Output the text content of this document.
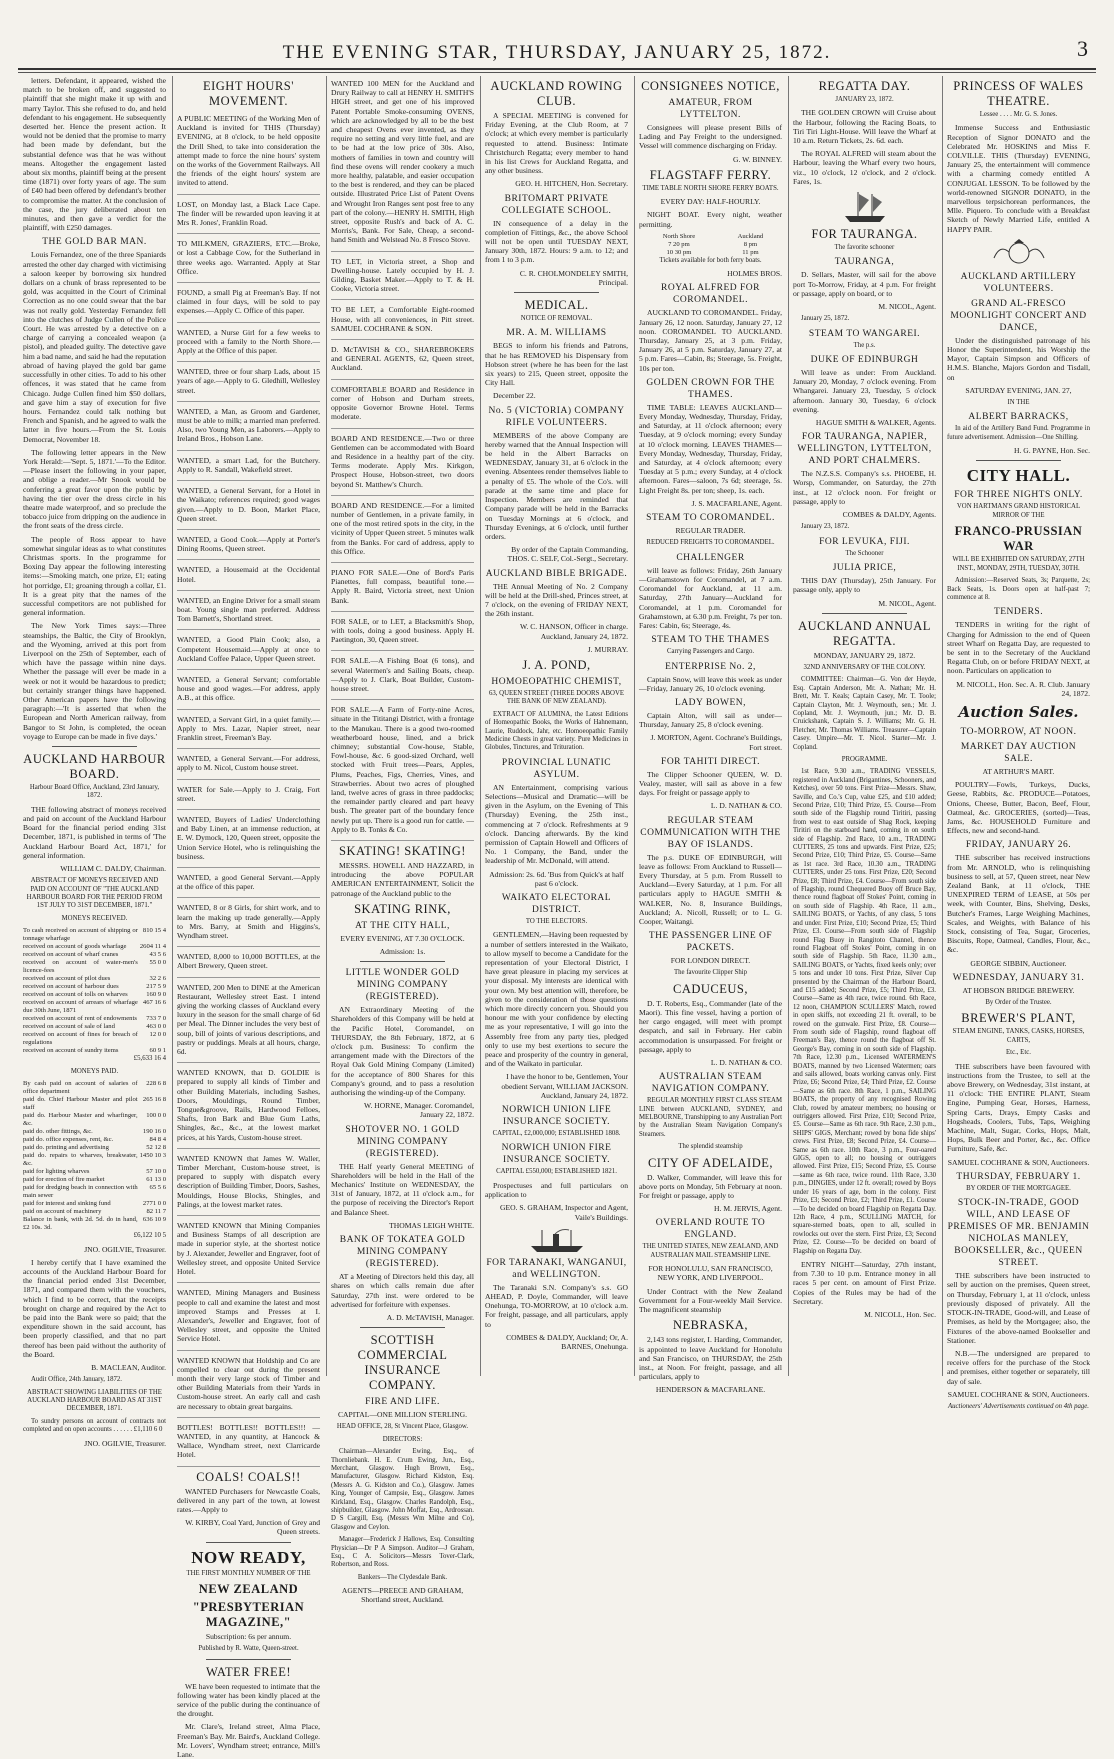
THE EVENING STAR, THURSDAY, JANUARY 25, 1872.	3

letters. Defendant, it appeared, wished the match to be broken off, and suggested to plaintiff that she might make it up with and marry Taylor. This she refused to do, and held defendant to his engagement. He subsequently deserted her. Hence the present action. It would not be denied that the promise to marry had been made by defendant, but the substantial defence was that he was without means. Altogether the engagement lasted about six months, plaintiff being at the present time (1871) over forty years of age. The sum of £40 had been offered by defendant's brother to compromise the matter. At the conclusion of the case, the jury deliberated about ten minutes, and then gave a verdict for the plaintiff, with £250 damages.

THE GOLD BAR MAN.

Louis Fernandez, one of the three Spaniards arrested the other day charged with victimising a saloon keeper by borrowing six hundred dollars on a chunk of brass represented to be gold, was acquitted in the Court of Criminal Correction as no one could swear that the bar was not really gold. Yesterday Fernandez fell into the clutches of Judge Cullen of the Police Court. He was arrested by a detective on a charge of carrying a concealed weapon (a pistol), and pleaded guilty. The detective gave him a bad name, and said he had the reputation abroad of having played the gold bar game successfully in other cities. To add to his other offences, it was stated that he came from Chicago. Judge Cullen fined him $50 dollars, and gave him a stay of execution for five hours. Fernandez could talk nothing but French and Spanish, and he agreed to walk the latter in five hours.—From the St. Louis Democrat, November 18.

The following letter appears in the New York Herald:—'Sept. 5, 1871.'—To the Editor.—Please insert the following in your paper, and oblige a reader.—Mr Snook would be conferring a great favor upon the public by having the tier over the dress circle in his theatre made waterproof, and so preclude the tobacco juice from dripping on the audience in the front seats of the dress circle.

The people of Ross appear to have somewhat singular ideas as to what constitutes Christmas sports. In the programme for Boxing Day appear the following interesting items:—Smoking match, one prize, £1; eating hot porridge, £1; groaning through a collar, £1. It is a great pity that the names of the successful competitors are not published for general information.

The New York Times says:—Three steamships, the Baltic, the City of Brooklyn, and the Wyoming, arrived at this port from Liverpool on the 25th of September, each of which have the passage within nine days. Whether the passage will ever be made in a week or not it would be hazardous to predict; but certainly stranger things have happened. Other American papers have the following paragraph:—'It is asserted that when the European and North American railway, from Bangor to St John, is completed, the ocean voyage to Europe can be made in five days.'

AUCKLAND HARBOUR BOARD.

Harbour Board Office, Auckland, 23rd January, 1872.

THE following abstract of moneys received and paid on account of the Auckland Harbour Board for the financial period ending 31st December, 1871, is published in terms of 'The Auckland Harbour Board Act, 1871,' for general information.

WILLIAM C. DALDY, Chairman.

ABSTRACT OF MONEYS RECEIVED AND PAID ON ACCOUNT OF "THE AUCKLAND HARBOUR BOARD FOR THE PERIOD FROM 1ST JULY TO 31ST DECEMBER, 1871."

MONEYS RECEIVED.

To cash received on account of shipping or tonnage wharfage	810 15 4
received on account of goods wharfage	2604 11 4
received on account of wharf cranes	43 5 6
received on account of water-men's licence-fees	55 0 0
received on account of pilot dues	32 2 6
received on account of harbour dues	217 5 9
received on account of tolls on wharves	160 9 0
received on account of arrears of wharfage due 30th June, 1871	467 16 6
received on account of rent of endowments	733 7 0
received on account of sale of land	463 0 0
received on account of fines for breach of regulations	12 0 0
received on account of sundry items	60 9 1

£5,633 16 4

MONEYS PAID.

By cash paid on account of salaries of office department	228 6 8
paid do. Chief Harbour Master and pilot staff	265 16 8
paid do. Harbour Master and wharfinger, &c.	100 0 0
paid do. other fittings, &c.	190 16 0
paid do. office expenses, rent, &c.	84 8 4
paid do. printing and advertising	52 12 8
paid do. repairs to wharves, breakwater, &c.	1450 10 3
paid for lighting wharves	57 10 0
paid for erection of fire market	61 13 0
paid for dredging beach in connection with main sewer	65 5 6
paid for interest and sinking fund	2771 0 0
paid on account of machinery	82 11 7
Balance in bank, with 2d. 5d. do in hand, £2 10s. 3d.	636 10 9

£6,122 10 5

JNO. OGILVIE, Treasurer.

I hereby certify that I have examined the accounts of the Auckland Harbour Board for the financial period ended 31st December, 1871, and compared them with the vouchers, which I find to be correct, that the receipts brought on charge and required by the Act to be paid into the Bank were so paid; that the expenditure shown in the said account, has been properly classified, and that no part thereof has been paid without the authority of the Board.

B. MACLEAN, Auditor.

Audit Office, 24th January, 1872.

ABSTRACT SHOWING LIABILITIES OF THE AUCKLAND HARBOUR BOARD AS AT 31ST DECEMBER, 1871.

To sundry persons on account of contracts not completed and on open accounts . . . . . . £1,110 6 0

JNO. OGILVIE, Treasurer.

EIGHT HOURS' MOVEMENT.

A PUBLIC MEETING of the Working Men of Auckland is invited for THIS (Thursday) EVENING, at 8 o'clock, to be held opposite the Drill Shed, to take into consideration the attempt made to force the nine hours' system on the works of the Government Railways. All the friends of the eight hours' system are invited to attend.

LOST, on Monday last, a Black Lace Cape. The finder will be rewarded upon leaving it at Mrs R. Jones', Franklin Road.

TO MILKMEN, GRAZIERS, ETC.—Broke, or lost a Cabbage Cow, for the Sutherland in three weeks ago. Warranted. Apply at Star Office.

FOUND, a small Pig at Freeman's Bay. If not claimed in four days, will be sold to pay expenses.—Apply C. Office of this paper.

WANTED, a Nurse Girl for a few weeks to proceed with a family to the North Shore.—Apply at the Office of this paper.

WANTED, three or four sharp Lads, about 15 years of age.—Apply to G. Gledhill, Wellesley street.

WANTED, a Man, as Groom and Gardener, must be able to milk; a married man preferred. Also, two Young Men, as Laborers.—Apply to Ireland Bros., Hobson Lane.

WANTED, a smart Lad, for the Butchery. Apply to R. Sandall, Wakefield street.

WANTED, a General Servant, for a Hotel in the Waikato; references required; good wages given.—Apply to D. Boon, Market Place, Queen street.

WANTED, a Good Cook.—Apply at Porter's Dining Rooms, Queen street.

WANTED, a Housemaid at the Occidental Hotel.

WANTED, an Engine Driver for a small steam boat. Young single man preferred. Address Tom Barnett's, Shortland street.

WANTED, a Good Plain Cook; also, a Competent Housemaid.—Apply at once to Auckland Coffee Palace, Upper Queen street.

WANTED, a General Servant; comfortable house and good wages.—For address, apply A.B., at this office.

WANTED, a Servant Girl, in a quiet family.—Apply to Mrs. Lazar, Napier street, near Franklin street, Freeman's Bay.

WANTED, a General Servant.—For address, apply to M. Nicol, Custom house street.

WATER for Sale.—Apply to J. Craig, Fort street.

WANTED, Buyers of Ladies' Underclothing and Baby Linen, at an immense reduction, at E. W. Dymock, 120, Queen street, opposite the Union Service Hotel, who is relinquishing the business.

WANTED, a good General Servant.—Apply at the office of this paper.

WANTED, 8 or 8 Girls, for shirt work, and to learn the making up trade generally.—Apply to Mrs. Barry, at Smith and Higgins's, Wyndham street.

WANTED, 8,000 to 10,000 BOTTLES, at the Albert Brewery, Queen street.

WANTED, 200 Men to DINE at the American Restaurant, Wellesley street East. I intend giving the working classes of Auckland every luxury in the season for the small charge of 6d per Meal. The Dinner includes the very best of soup, bill of joints of various descriptions, and pastry or puddings. Meals at all hours, charge, 6d.

WANTED KNOWN, that D. GOLDIE is prepared to supply all kinds of Timber and other Building Materials, including Sashes, Doors, Mouldings, Round Timber, Tongue&groove, Rails, Hardwood Felloes, Shafts, Iron Bark and Blue Gum Laths, Shingles, &c., &c., at the lowest market prices, at his Yards, Custom-house street.

WANTED KNOWN that James W. Waller, Timber Merchant, Custom-house street, is prepared to supply with dispatch every description of Building Timber, Doors, Sashes, Mouldings, House Blocks, Shingles, and Palings, at the lowest market rates.

WANTED KNOWN that Mining Companies and Business Stamps of all description are made in superior style, at the shortest notice by J. Alexander, Jeweller and Engraver, foot of Wellesley street, and opposite United Service Hotel.

WANTED, Mining Managers and Business people to call and examine the latest and most improved Stamps and Presses at I. Alexander's, Jeweller and Engraver, foot of Wellesley street, and opposite the United Service Hotel.

WANTED KNOWN that Holdship and Co are compelled to clear out during the present month their very large stock of Timber and other Building Materials from their Yards in Custom-house street. An early call and cash are necessary to obtain great bargains.

BOTTLES! BOTTLES!! BOTTLES!!! —WANTED, in any quantity, at Hancock & Wallace, Wyndham street, next Clarricarde Hotel.

COALS! COALS!!

WANTED Purchasers for Newcastle Coals, delivered in any part of the town, at lowest rates.—Apply to

W. KIRBY, Coal Yard, Junction of Grey and Queen streets.

NOW READY,

THE FIRST MONTHLY NUMBER OF THE

NEW ZEALAND
"PRESBYTERIAN MAGAZINE,"

Subscription: 6s per annum.

Published by R. Watte, Queen-street.

WATER FREE!

WE have been requested to intimate that the following water has been kindly placed at the service of the public during the continuance of the drought.

Mr. Clare's, Ireland street, Alma Place, Freeman's Bay. Mr. Baird's, Auckland College. Mr. Lovers', Wyndham street; entrance, Mill's Lane.

WANTED 100 MEN for the Auckland and Drury Railway to call at HENRY H. SMITH'S HIGH street, and get one of his improved Patent Portable Smoke-consuming OVENS, which are acknowledged by all to be the best and cheapest Ovens ever invented, as they require no setting and very little fuel, and are to be had at the low price of 30s. Also, mothers of families in town and country will find these ovens will render cookery a much more healthy, palatable, and easier occupation to the best is rendered, and they can be placed outside. Illustrated Price List of Patent Ovens and Wrought Iron Ranges sent post free to any part of the colony.—HENRY H. SMITH, High street, opposite Rush's and back of A. C. Morris's, Bank. For Sale, Cheap, a second-hand Smith and Welstead No. 8 Fresco Stove.

TO LET, in Victoria street, a Shop and Dwelling-house. Lately occupied by H. J. Gilding, Basket Maker.—Apply to T. & H. Cooke, Victoria street.

TO BE LET, a Comfortable Eight-roomed House, with all conveniences, in Pitt street. SAMUEL COCHRANE & SON.

D. McTAVISH & CO., SHAREBROKERS and GENERAL AGENTS, 62, Queen street, Auckland.

COMFORTABLE BOARD and Residence in corner of Hobson and Durham streets, opposite Governor Browne Hotel. Terms moderate.

BOARD AND RESIDENCE.—Two or three Gentlemen can be accommodated with Board and Residence in a healthy part of the city. Terms moderate. Apply Mrs. Kirkgon, Prospect House, Hobson-street, two doors beyond St. Matthew's Church.

BOARD AND RESIDENCE.—For a limited number of Gentlemen, in a private family, in one of the most retired spots in the city, in the vicinity of Upper Queen street. 5 minutes walk from the Banks. For card of address, apply to this Office.

PIANO FOR SALE.—One of Bord's Paris Pianettes, full compass, beautiful tone.—Apply R. Baird, Victoria street, next Union Bank.

FOR SALE, or to LET, a Blacksmith's Shop, with tools, doing a good business. Apply H. Paetington, 30, Queen street.

FOR SALE.—A Fishing Boat (6 tons), and several Watermen's and Sailing Boats, cheap.—Apply to J. Clark, Boat Builder, Custom-house street.

FOR SALE.—A Farm of Forty-nine Acres, situate in the Tititangi District, with a frontage to the Manukau. There is a good two-roomed weatherboard house, lined, and a brick chimney; substantial Cow-house, Stable, Fowl-house, &c. 6 good-sized Orchard, well stocked with Fruit trees—Pears, Apples, Plums, Peaches, Figs, Cherries, Vines, and Strawberries. About two acres of ploughed land, twelve acres of grass in three paddocks; the remainder partly cleared and part heavy bush. The greater part of the boundary fence newly put up. There is a good run for cattle. —Apply to B. Tonks & Co.

SKATING! SKATING!

MESSRS. HOWELL AND HAZZARD, in introducing the above POPULAR AMERICAN ENTERTAINMENT, Solicit the patronage of the Auckland public to the

SKATING RINK,
AT THE CITY HALL,

EVERY EVENING, AT 7.30 O'CLOCK.

Admission: 1s.

LITTLE WONDER GOLD MINING COMPANY (REGISTERED).

AN Extraordinary Meeting of the Shareholders of this Company will be held at the Pacific Hotel, Coromandel, on THURSDAY, the 8th February, 1872, at 6 o'clock p.m. Business: To confirm the arrangement made with the Directors of the Royal Oak Gold Mining Company (Limited) for the acceptance of 800 Shares for this Company's ground, and to pass a resolution authorising the winding-up of the Company.

W. HORNE, Manager. Coromandel, January 22, 1872.

SHOTOVER NO. 1 GOLD MINING COMPANY (REGISTERED).

THE Half yearly General MEETING of Shareholders will be held in the Hall of the Mechanics' Institute on WEDNESDAY, the 31st of January, 1872, at 11 o'clock a.m., for the purpose of receiving the Director's Report and Balance Sheet.

THOMAS LEIGH WHITE.

BANK OF TOKATEA GOLD MINING COMPANY (REGISTERED).

AT a Meeting of Directors held this day, all shares on which calls remain due after Saturday, 27th inst. were ordered to be advertised for forfeiture with expenses.

A. D. McTAVISH, Manager.

SCOTTISH COMMERCIAL INSURANCE COMPANY.
FIRE AND LIFE.

CAPITAL—ONE MILLION STERLING.

HEAD OFFICE, 28, St Vincent Place, Glasgow.

DIRECTORS:

Chairman—Alexander Ewing, Esq., of Thornliebank. H. E. Crum Ewing, Jun., Esq., Merchant, Glasgow. Hugh Brown, Esq., Manufacturer, Glasgow. Richard Kidston, Esq. (Messrs A. G. Kidston and Co.), Glasgow. James King, Younger of Campsie, Esq., Glasgow. James Kirkland, Esq., Glasgow. Charles Randolph, Esq., shipbuilder, Glasgow. John Moffat, Esq., Ardrossan. D S Cargill, Esq. (Messrs Wm Milne and Co), Glasgow and Ceylon.

Manager—Frederick J Hallows, Esq. Consulting Physician—Dr P A Simpson. Auditor—J Graham, Esq., C A. Solicitors—Messrs Tover-Clark, Robertson, and Ross.

Bankers—The Clydesdale Bank.

AGENTS—PREECE AND GRAHAM, Shortland street, Auckland.

AUCKLAND ROWING CLUB.

A SPECIAL MEETING is convened for Friday Evening, at the Club Room, at 7 o'clock; at which every member is particularly requested to attend. Business: Intimate Christchurch Regatta; every member to hand in his list Crews for Auckland Regatta, and any other business.

GEO. H. HITCHEN, Hon. Secretary.

BRITOMART PRIVATE COLLEGIATE SCHOOL.

IN consequence of a delay in the completion of Fittings, &c., the above School will not be open until TUESDAY NEXT, January 30th, 1872. Hours: 9 a.m. to 12; and from 1 to 3 p.m.

C. R. CHOLMONDELEY SMITH, Principal.

MEDICAL.

NOTICE OF REMOVAL.

MR. A. M. WILLIAMS

BEGS to inform his friends and Patrons, that he has REMOVED his Dispensary from Hobson street (where he has been for the last six years) to 215, Queen street, opposite the City Hall.

December 22.

No. 5 (VICTORIA) COMPANY RIFLE VOLUNTEERS.

MEMBERS of the above Company are hereby warned that the Annual Inspection will be held in the Albert Barracks on WEDNESDAY, January 31, at 6 o'clock in the evening. Absentees render themselves liable to a penalty of £5. The whole of the Co's. will parade at the same time and place for Inspection. Members are reminded that Company parade will be held in the Barracks on Tuesday Mornings at 6 o'clock, and Thursday Evenings, at 6 o'clock, until further orders.

By order of the Captain Commanding, THOS. C. SELF, Col.-Sergt., Secretary.

AUCKLAND BIBLE BRIGADE.

THE Annual Meeting of No. 2 Company will be held at the Drill-shed, Princes street, at 7 o'clock, on the evening of FRIDAY NEXT, the 26th instant.

W. C. HANSON, Officer in charge. Auckland, January 24, 1872.

J. MURRAY.

J. A. POND,
HOMOEOPATHIC CHEMIST,

63, QUEEN STREET (THREE DOORS ABOVE THE BANK OF NEW ZEALAND).

EXTRACT OF ALUMINA, the Latest Editions of Homeopathic Books, the Works of Hahnemann, Laurie, Ruddock, Jahr, etc. Homoeopathic Family Medicine Chests in great variety. Pure Medicines in Globules, Tinctures, and Trituration.

PROVINCIAL LUNATIC ASYLUM.

AN Entertainment, comprising various Selections—Musical and Dramatic—will be given in the Asylum, on the Evening of This (Thursday) Evening, the 25th inst., commencing at 7 o'clock. Refreshments at 9 o'clock. Dancing afterwards. By the kind permission of Captain Howell and Officers of No. 1 Company, the Band, under the leadership of Mr. McDonald, will attend.

Admission: 2s. 6d. 'Bus from Quick's at half past 6 o'clock.

WAIKATO ELECTORAL DISTRICT.

TO THE ELECTORS.

GENTLEMEN,—Having been requested by a number of settlers interested in the Waikato, to allow myself to become a Candidate for the representation of your Electoral District, I have great pleasure in placing my services at your disposal. My interests are identical with your own. My best attention will, therefore, be given to the consideration of those questions which more directly concern you. Should you honour me with your confidence by electing me as your representative, I will go into the Assembly free from any party ties, pledged only to use my best exertions to secure the peace and prosperity of the country in general, and of the Waikato in particular.

I have the honor to be, Gentlemen, Your obedient Servant, WILLIAM JACKSON. Auckland, January 24, 1872.

NORWICH UNION LIFE INSURANCE SOCIETY.

CAPITAL, £2,000,000; ESTABLISHED 1808.

NORWICH UNION FIRE INSURANCE SOCIETY.

CAPITAL £550,000; ESTABLISHED 1821.

Prospectuses and full particulars on application to

GEO. S. GRAHAM, Inspector and Agent, Vaile's Buildings.

FOR TARANAKI, WANGANUI, and WELLINGTON.

The Taranaki S.N. Company's s.s. GO AHEAD, P. Doyle, Commander, will leave Onehunga, TO-MORROW, at 10 o'clock a.m. For freight, passage, and all particulars, apply to

COMBES & DALDY, Auckland; Or, A. BARNES, Onehunga.

CONSIGNEES NOTICE,
AMATEUR, FROM LYTTELTON.

Consignees will please present Bills of Lading and Pay Freight to the undersigned. Vessel will commence discharging on Friday.

G. W. BINNEY.

FLAGSTAFF FERRY.

TIME TABLE NORTH SHORE FERRY BOATS.

EVERY DAY: HALF-HOURLY.

NIGHT BOAT. Every night, weather permitting.

North Shore	Auckland
7 20 pm	8 pm
10 30 pm	11 pm

Tickets available for both ferry boats.

HOLMES BROS.

ROYAL ALFRED FOR COROMANDEL.

AUCKLAND TO COROMANDEL. Friday, January 26, 12 noon. Saturday, January 27, 12 noon. COROMANDEL TO AUCKLAND. Thursday, January 25, at 3 p.m. Friday, January 26, at 5 p.m. Saturday, January 27, at 5 p.m. Fares—Cabin, 8s; Steerage, 5s. Freight, 10s per ton.

GOLDEN CROWN FOR THE THAMES.

TIME TABLE: LEAVES AUCKLAND—Every Monday, Wednesday, Thursday, Friday, and Saturday, at 11 o'clock afternoon; every Tuesday, at 9 o'clock morning; every Sunday at 10 o'clock morning. LEAVES THAMES—Every Monday, Wednesday, Thursday, Friday, and Saturday, at 4 o'clock afternoon; every Tuesday at 5 p.m.; every Sunday, at 4 o'clock afternoon. Fares—saloon, 7s 6d; steerage, 5s. Light Freight 8s. per ton; sheep, 1s. each.

J. S. MACFARLANE, Agent.

STEAM TO COROMANDEL.

REGULAR TRADER.

REDUCED FREIGHTS TO COROMANDEL.

CHALLENGER

will leave as follows: Friday, 26th January—Grahamstown for Coromandel, at 7 a.m. Coromandel for Auckland, at 11 a.m. Saturday, 27th January—Auckland for Coromandel, at 1 p.m. Coromandel for Grahamstown, at 6.30 p.m. Freight, 7s per ton. Fares: Cabin, 6s; Steerage, 4s.

STEAM TO THE THAMES

Carrying Passengers and Cargo.

ENTERPRISE No. 2,

Captain Snow, will leave this week as under—Friday, January 26, 10 o'clock evening.

LADY BOWEN,

Captain Alton, will sail as under—Thursday, January 25, 8 o'clock evening.

J. MORTON, Agent. Cochrane's Buildings, Fort street.

FOR TAHITI DIRECT.

The Clipper Schooner QUEEN, W. D. Vealey, master, will sail as above in a few days. For freight or passage apply to

L. D. NATHAN & CO.

REGULAR STEAM COMMUNICATION WITH THE BAY OF ISLANDS.

The p.s. DUKE OF EDINBURGH, will leave as follows: From Auckland to Russell—Every Thursday, at 5 p.m. From Russell to Auckland—Every Saturday, at 1 p.m. For all particulars apply to HAGUE SMITH & WALKER, No. 8, Insurance Buildings, Auckland; A. Nicoll, Russell; or to L. G. Cooper, Waitangi.

THE PASSENGER LINE OF PACKETS.

FOR LONDON DIRECT.

The favourite Clipper Ship

CADUCEUS,

D. T. Roberts, Esq., Commander (late of the Maori). This fine vessel, having a portion of her cargo engaged, will meet with prompt despatch, and sail in February. Her cabin accommodation is unsurpassed. For freight or passage, apply to

L. D. NATHAN & CO.

AUSTRALIAN STEAM NAVIGATION COMPANY.

REGULAR MONTHLY FIRST CLASS STEAM LINE between AUCKLAND, SYDNEY, and MELBOURNE, Transhipping to any Australian Port by the Australian Steam Navigation Company's Steamers.

The splendid steamship

CITY OF ADELAIDE,

D. Walker, Commander, will leave this for above ports on Monday, 5th February at noon. For freight or passage, apply to

H. M. JERVIS, Agent.

OVERLAND ROUTE TO ENGLAND.

THE UNITED STATES, NEW ZEALAND, AND AUSTRALIAN MAIL STEAMSHIP LINE.

FOR HONOLULU, SAN FRANCISCO, NEW YORK, AND LIVERPOOL.

Under Contract with the New Zealand Government for a Four-weekly Mail Service. The magnificent steamship

NEBRASKA,

2,143 tons register, I. Harding, Commander, is appointed to leave Auckland for Honolulu and San Francisco, on THURSDAY, the 25th inst., at Noon. For freight, passage, and all particulars, apply to

HENDERSON & MACFARLANE.

REGATTA DAY.

JANUARY 23, 1872.

THE GOLDEN CROWN will Cruise about the Harbour, following the Racing Boats, to Tiri Tiri Light-House. Will leave the Wharf at 10 a.m. Return Tickets, 2s. 6d. each.

The ROYAL ALFRED will steam about the Harbour, leaving the Wharf every two hours, viz., 10 o'clock, 12 o'clock, and 2 o'clock. Fares, 1s.

FOR TAURANGA.

The favorite schooner

TAURANGA,

D. Sellars, Master, will sail for the above port To-Morrow, Friday, at 4 p.m. For freight or passage, apply on board, or to

M. NICOL, Agent.

January 25, 1872.

STEAM TO WANGAREI.

The p.s.

DUKE OF EDINBURGH

Will leave as under: From Auckland. January 20, Monday, 7 o'clock evening. From Whangarei. January 23, Tuesday, 5 o'clock afternoon. January 30, Tuesday, 6 o'clock evening.

HAGUE SMITH & WALKER, Agents.

FOR TAURANGA, NAPIER, WELLINGTON, LYTTELTON, AND PORT CHALMERS.

The N.Z.S.S. Company's s.s. PHOEBE, H. Worsp, Commander, on Saturday, the 27th inst., at 12 o'clock noon. For freight or passage, apply to

COMBES & DALDY, Agents.

January 23, 1872.

FOR LEVUKA, FIJI.

The Schooner

JULIA PRICE,

THIS DAY (Thursday), 25th January. For passage only, apply to

M. NICOL, Agent.

AUCKLAND ANNUAL REGATTA.

MONDAY, JANUARY 29, 1872.

32ND ANNIVERSARY OF THE COLONY.

COMMITTEE: Chairman—G. Von der Heyde, Esq. Captain Anderson, Mr. A. Nathan; Mr. H. Brett, Mr. T. Keals; Captain Casey, Mr. T. Toole; Captain Clayton, Mr. J. Weymouth, sen.; Mr. J. Copland, Mr. J. Weymouth, jun.; Mr. D. B. Cruickshank, Captain S. J. Williams; Mr. G. H. Fletcher, Mr. Thomas Williams. Treasurer—Captain Casey. Umpire—Mr. T. Nicol. Starter—Mr. J. Copland.

PROGRAMME.

1st Race, 9.30 a.m., TRADING VESSELS, registered in Auckland (Brigantines, Schooners, and Ketches), over 50 tons. First Prize—Messrs. Shaw, Saville, and Co.'s Cup, value £25, and £10 added; Second Prize, £10; Third Prize, £5. Course—From south side of the Flagship round Tiritiri, passing from west to east outside of Shag Rock, keeping Tiritiri on the starboard hand, coming in on south side of Flagship. 2nd Race, 10 a.m., TRADING CUTTERS, 25 tons and upwards. First Prize, £25; Second Prize, £10; Third Prize, £5. Course—Same as 1st race. 3rd Race, 10.30 a.m., TRADING CUTTERS, under 25 tons. First Prize, £20; Second Prize, £8; Third Prize, £4. Course—From south side of Flagship, round Chequered Buoy off Bruce Bay, thence round flagboat off Stokes' Point, coming in on south side of Flagship. 4th Race, 11 a.m., SAILING BOATS, or Yachts, of any class, 5 tons and under. First Prize, £10; Second Prize, £5; Third Prize, £3. Course—From south side of Flagship round Flag Buoy in Rangitoto Channel, thence round Flagboat off Stokes' Point, coming in on south side of Flagship. 5th Race, 11.30 a.m., SAILING BOATS, or Yachts, fixed keels only; over 5 tons and under 10 tons. First Prize, Silver Cup presented by the Chairman of the Harbour Board, and £15 added; Second Prize, £5; Third Prize, £3. Course—Same as 4th race, twice round. 6th Race, 12 noon, CHAMPION SCULLERS' Match, rowed in open skiffs, not exceeding 21 ft. overall, to be rowed on the gunwale. First Prize, £8. Course—From south side of Flagship, round flagboat off Freeman's Bay, thence round the flagboat off St. George's Bay, coming in on south side of Flagship. 7th Race, 12.30 p.m., Licensed WATERMEN'S BOATS, manned by two Licensed Watermen; oars and sails allowed, boats working canvas only. First Prize, £6; Second Prize, £4; Third Prize, £2. Course—Same as 6th race. 8th Race, 1 p.m., SAILING BOATS, the property of any recognised Rowing Club, rowed by amateur members; no housing or outriggers allowed. First Prize, £10; Second Prize, £5. Course—Same as 6th race. 9th Race, 2.30 p.m., SHIPS' GIGS, Merchant; rowed by bona fide ships' crews. First Prize, £8; Second Prize, £4. Course—Same as 6th race. 10th Race, 3 p.m., Four-oared GIGS, open to all; no housing or outriggers allowed. First Prize, £15; Second Prize, £5. Course—same as 6th race, twice round. 11th Race, 3.30 p.m., DINGIES, under 12 ft. overall; rowed by Boys under 16 years of age, born in the colony. First Prize, £3; Second Prize, £2; Third Prize, £1. Course—To be decided on board Flagship on Regatta Day. 12th Race, 4 p.m., SCULLING MATCH, for square-sterned boats, open to all, sculled in rowlocks out over the stern. First Prize, £3; Second Prize, £2. Course—To be decided on board of Flagship on Regatta Day.

ENTRY NIGHT—Saturday, 27th instant, from 7.30 to 10 p.m. Entrance money in all races 5 per cent. on amount of First Prize. Copies of the Rules may be had of the Secretary.

M. NICOLL, Hon. Sec.

PRINCESS OF WALES THEATRE.

Lessee . . . . Mr. G. S. Jones.

Immense Success and Enthusiastic Reception of Signor DONATO and the Celebrated Mr. HOSKINS and Miss F. COLVILLE. THIS (Thursday) EVENING, January 25, the entertainment will commence with a charming comedy entitled A CONJUGAL LESSON. To be followed by the world-renowned SIGNOR DONATO, in the marvellous terpsichorean performances, the Mlle. Piquero. To conclude with a Breakfast Sketch of Newly Married Life, entitled A HAPPY PAIR.

AUCKLAND ARTILLERY VOLUNTEERS.
GRAND AL-FRESCO MOONLIGHT CONCERT AND DANCE,

Under the distinguished patronage of his Honor the Superintendent, his Worship the Mayor, Captain Simpson and Officers of H.M.S. Blanche, Majors Gordon and Tisdall, on

SATURDAY EVENING, JAN. 27,

IN THE

ALBERT BARRACKS,

In aid of the Artillery Band Fund. Programme in future advertisement. Admission—One Shilling.

H. G. PAYNE, Hon. Sec.

CITY HALL.
FOR THREE NIGHTS ONLY.

VON HARTMAN'S GRAND HISTORICAL MIRROR OF THE

FRANCO-PRUSSIAN WAR

WILL BE EXHIBITED ON SATURDAY, 27TH INST., MONDAY, 29TH, TUESDAY, 30TH.

Admission:—Reserved Seats, 3s; Parquette, 2s; Back Seats, 1s. Doors open at half-past 7; commence at 8.

TENDERS.

TENDERS in writing for the right of Charging for Admission to the end of Queen street Wharf on Regatta Day, are requested to be sent in to the Secretary of the Auckland Regatta Club, on or before FRIDAY NEXT, at noon. Particulars on application to

M. NICOLL, Hon. Sec. A. R. Club. January 24, 1872.

Auction Sales.
TO-MORROW, AT NOON.
MARKET DAY AUCTION SALE.

AT ARTHUR'S MART.

POULTRY—Fowls, Turkeys, Ducks, Geese, Rabbits, &c. PRODUCE—Potatoes, Onions, Cheese, Butter, Bacon, Beef, Flour, Oatmeal, &c. GROCERIES, (sorted)—Teas, Jams, &c. HOUSEHOLD Furniture and Effects, new and second-hand.

FRIDAY, JANUARY 26.

THE subscriber has received instructions from Mr. ARNOLD, who is relinquishing business to sell, at 57, Queen street, near New Zealand Bank, at 11 o'clock, THE UNEXPIRED TERM of LEASE, at 50s per week, with Counter, Bins, Shelving, Desks, Butcher's Frames, Large Weighing Machines, Scales, and Weights, with Balance of his Stock, consisting of Tea, Sugar, Groceries, Biscuits, Rope, Oatmeal, Candles, Flour, &c., &c.

GEORGE SIBBIN, Auctioneer.

WEDNESDAY, JANUARY 31.

AT HOBSON BRIDGE BREWERY.

By Order of the Trustee.

BREWER'S PLANT,

STEAM ENGINE, TANKS, CASKS, HORSES, CARTS,

Etc., Etc.

THE subscribers have been favoured with instructions from the Trustee, to sell at the above Brewery, on Wednesday, 31st instant, at 11 o'clock: THE ENTIRE PLANT, Steam Engine, Pumping Gear, Horses, Harness, Spring Carts, Drays, Empty Casks and Hogsheads, Coolers, Tubs, Taps, Weighing Machine, Malt, Sugar, Corks, Hops, Malt, Hops, Bulk Beer and Porter, &c., &c. Office Furniture, Safe, &c.

SAMUEL COCHRANE & SON, Auctioneers.

THURSDAY, FEBRUARY 1.

BY ORDER OF THE MORTGAGEE.

STOCK-IN-TRADE, GOOD WILL, AND LEASE OF PREMISES OF MR. BENJAMIN NICHOLAS MANLEY, BOOKSELLER, &c., QUEEN STREET.

THE subscribers have been instructed to sell by auction on the premises, Queen street, on Thursday, February 1, at 11 o'clock, unless previously disposed of privately. All the STOCK-IN-TRADE, Good-will, and Lease of Premises, as held by the Mortgagee; also, the Fixtures of the above-named Bookseller and Stationer.

N.B.—The undersigned are prepared to receive offers for the purchase of the Stock and premises, either together or separately, till day of sale.

SAMUEL COCHRANE & SON, Auctioneers.

Auctioneers' Advertisements continued on 4th page.
